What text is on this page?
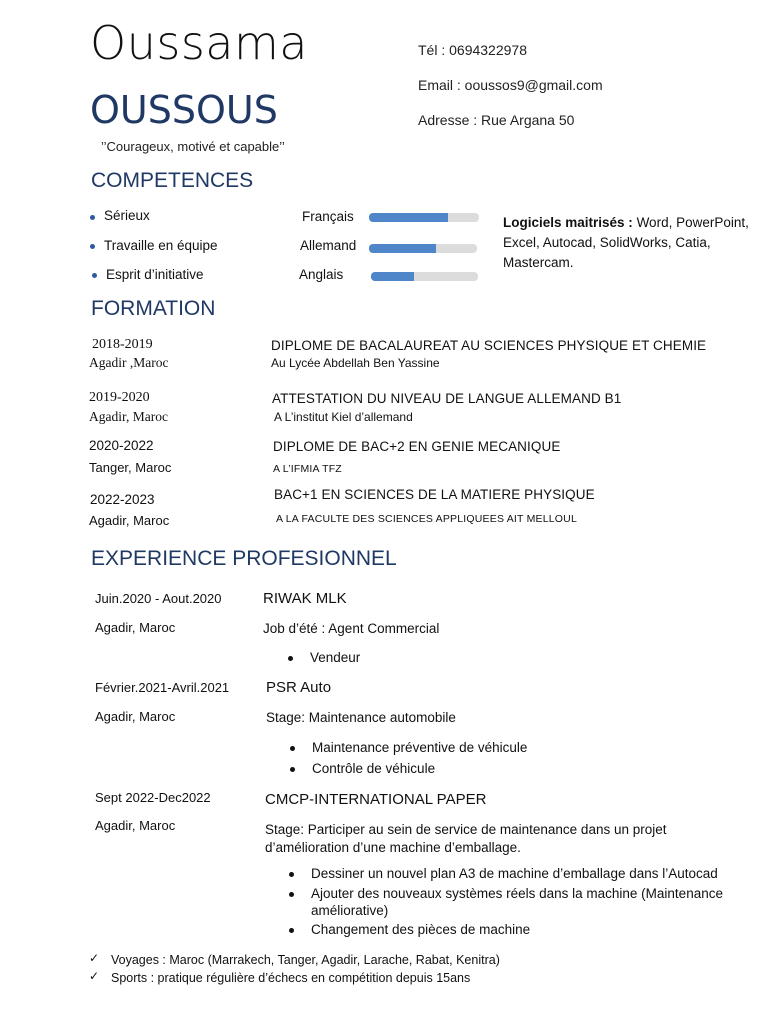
Oussama
OUSSOUS
’’Courageux, motivé et capable’’
Tél : 0694322978
Email : ooussos9@gmail.com
Adresse : Rue Argana 50
COMPETENCES
Sérieux
Travaille en équipe
Esprit d’initiative
Français
Allemand
Anglais
Logiciels maitrisés : Word, PowerPoint, Excel, Autocad, SolidWorks, Catia, Mastercam.
FORMATION
2018-2019
Agadir ,Maroc
DIPLOME DE BACALAUREAT AU SCIENCES PHYSIQUE ET CHEMIE
Au Lycée Abdellah Ben Yassine
2019-2020
Agadir, Maroc
ATTESTATION DU NIVEAU DE LANGUE ALLEMAND B1
A L’institut Kiel d’allemand
2020-2022
Tanger, Maroc
DIPLOME DE BAC+2 EN GENIE MECANIQUE
A L’IFMIA TFZ
2022-2023
Agadir, Maroc
BAC+1 EN SCIENCES DE LA MATIERE PHYSIQUE
A LA FACULTE DES SCIENCES APPLIQUEES AIT MELLOUL
EXPERIENCE PROFESIONNEL
Juin.2020 - Aout.2020
Agadir, Maroc
RIWAK MLK
Job d’été : Agent Commercial
Vendeur
Février.2021-Avril.2021
Agadir, Maroc
PSR Auto
Stage: Maintenance automobile
Maintenance préventive de véhicule
Contrôle de véhicule
Sept 2022-Dec2022
Agadir, Maroc
CMCP-INTERNATIONAL PAPER
Stage: Participer au sein de service de maintenance dans un projet d’amélioration d’une machine d’emballage.
Dessiner un nouvel plan A3 de machine d’emballage dans l’Autocad
Ajouter des nouveaux systèmes réels dans la machine (Maintenance
améliorative)
Changement des pièces de machine
✓ Voyages : Maroc (Marrakech, Tanger, Agadir, Larache, Rabat, Kenitra)
✓ Sports : pratique régulière d’échecs en compétition depuis 15ans
